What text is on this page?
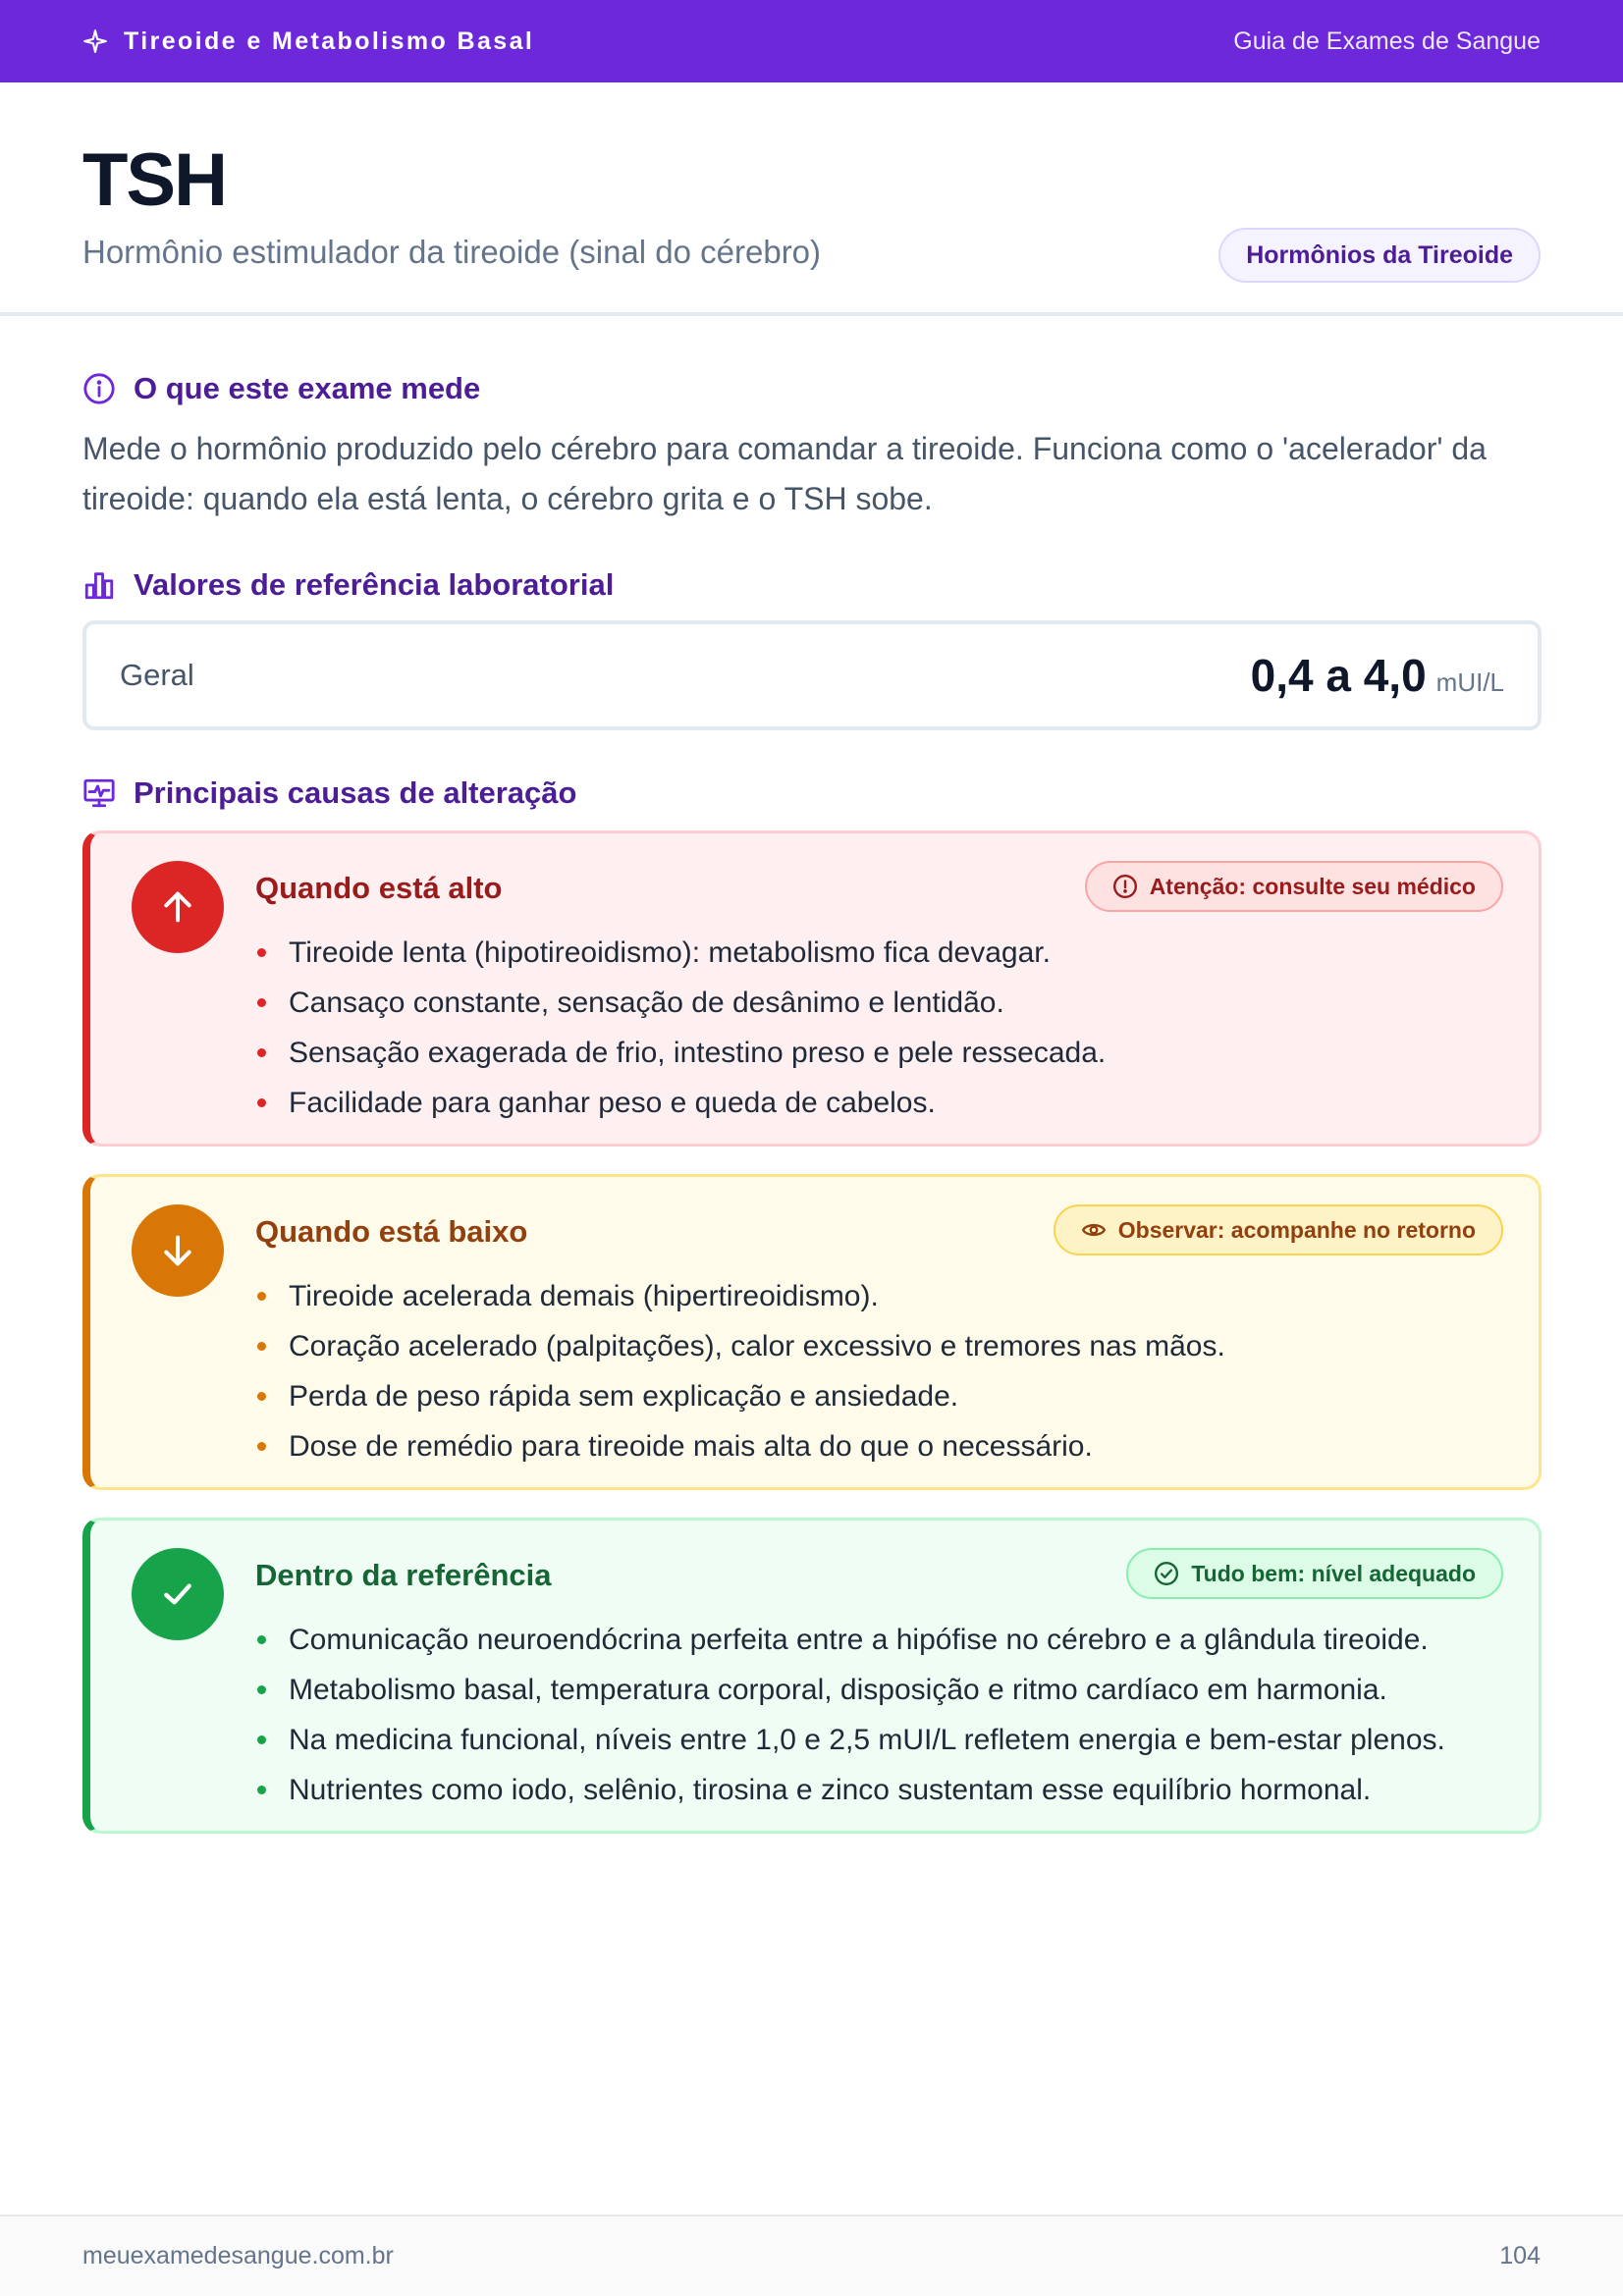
Tireoide e Metabolismo Basal	Guia de Exames de Sangue
TSH
Hormônio estimulador da tireoide (sinal do cérebro)	Hormônios da Tireoide
O que este exame mede
Mede o hormônio produzido pelo cérebro para comandar a tireoide. Funciona como o 'acelerador' da tireoide: quando ela está lenta, o cérebro grita e o TSH sobe.
Valores de referência laboratorial
Geral	0,4 a 4,0 mUI/L
Principais causas de alteração
Quando está alto	Atenção: consulte seu médico
Tireoide lenta (hipotireoidismo): metabolismo fica devagar.
Cansaço constante, sensação de desânimo e lentidão.
Sensação exagerada de frio, intestino preso e pele ressecada.
Facilidade para ganhar peso e queda de cabelos.
Quando está baixo	Observar: acompanhe no retorno
Tireoide acelerada demais (hipertireoidismo).
Coração acelerado (palpitações), calor excessivo e tremores nas mãos.
Perda de peso rápida sem explicação e ansiedade.
Dose de remédio para tireoide mais alta do que o necessário.
Dentro da referência	Tudo bem: nível adequado
Comunicação neuroendócrina perfeita entre a hipófise no cérebro e a glândula tireoide.
Metabolismo basal, temperatura corporal, disposição e ritmo cardíaco em harmonia.
Na medicina funcional, níveis entre 1,0 e 2,5 mUI/L refletem energia e bem-estar plenos.
Nutrientes como iodo, selênio, tirosina e zinco sustentam esse equilíbrio hormonal.
meuexamedesangue.com.br	104
